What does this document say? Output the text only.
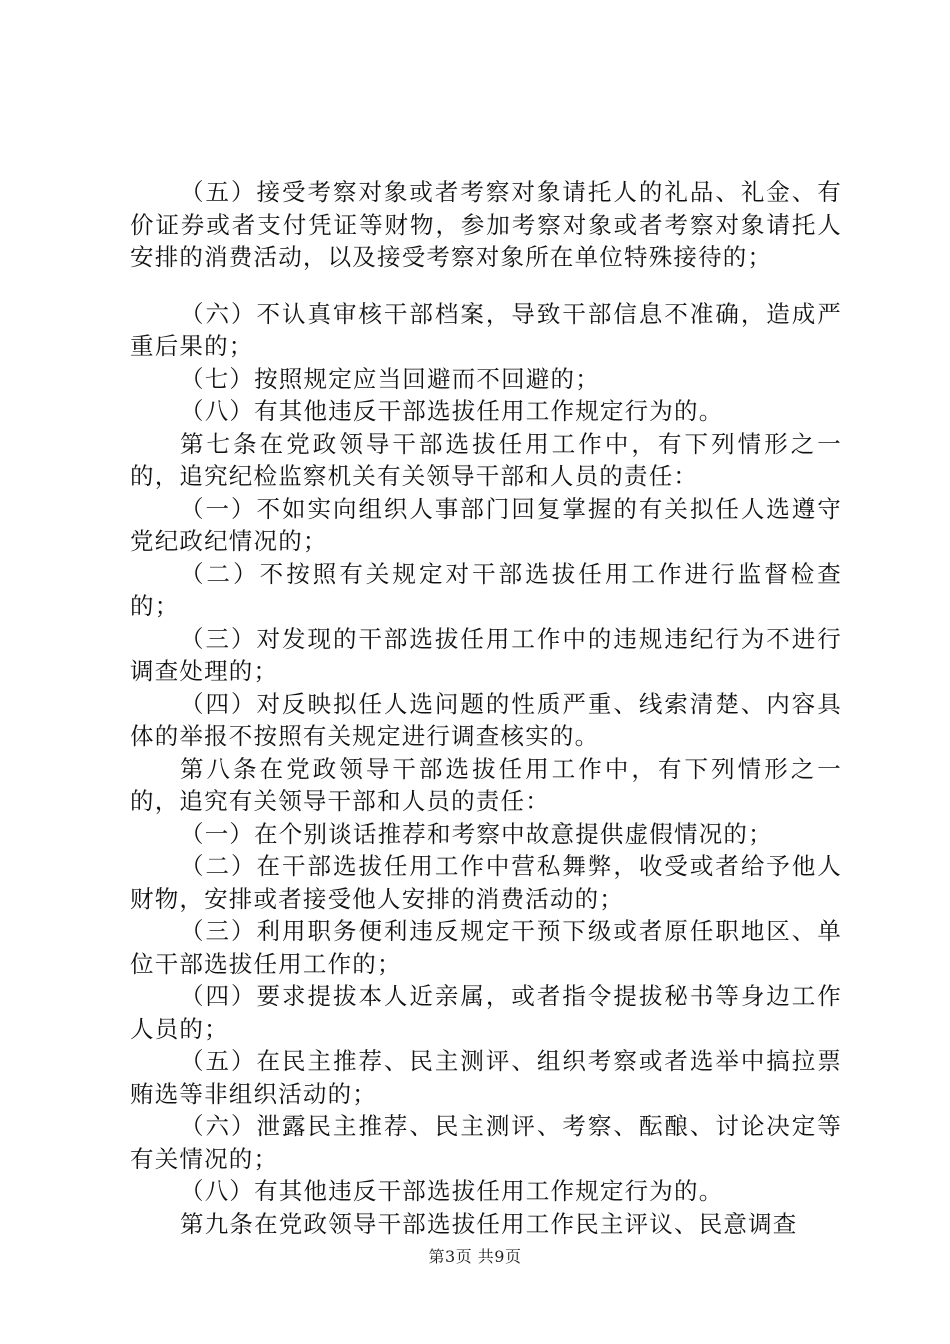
（五）接受考察对象或者考察对象请托人的礼品、礼金、有价证券或者支付凭证等财物，参加考察对象或者考察对象请托人安排的消费活动，以及接受考察对象所在单位特殊接待的；

（六）不认真审核干部档案，导致干部信息不准确，造成严重后果的；

（七）按照规定应当回避而不回避的；

（八）有其他违反干部选拔任用工作规定行为的。

第七条在党政领导干部选拔任用工作中，有下列情形之一的，追究纪检监察机关有关领导干部和人员的责任：

（一）不如实向组织人事部门回复掌握的有关拟任人选遵守党纪政纪情况的；

（二）不按照有关规定对干部选拔任用工作进行监督检查的；

（三）对发现的干部选拔任用工作中的违规违纪行为不进行调查处理的；

（四）对反映拟任人选问题的性质严重、线索清楚、内容具体的举报不按照有关规定进行调查核实的。

第八条在党政领导干部选拔任用工作中，有下列情形之一的，追究有关领导干部和人员的责任：

（一）在个别谈话推荐和考察中故意提供虚假情况的；

（二）在干部选拔任用工作中营私舞弊，收受或者给予他人财物，安排或者接受他人安排的消费活动的；

（三）利用职务便利违反规定干预下级或者原任职地区、单位干部选拔任用工作的；

（四）要求提拔本人近亲属，或者指令提拔秘书等身边工作人员的；

（五）在民主推荐、民主测评、组织考察或者选举中搞拉票贿选等非组织活动的；

（六）泄露民主推荐、民主测评、考察、酝酿、讨论决定等有关情况的；

（八）有其他违反干部选拔任用工作规定行为的。

第九条在党政领导干部选拔任用工作民主评议、民意调查

第3页 共9页
